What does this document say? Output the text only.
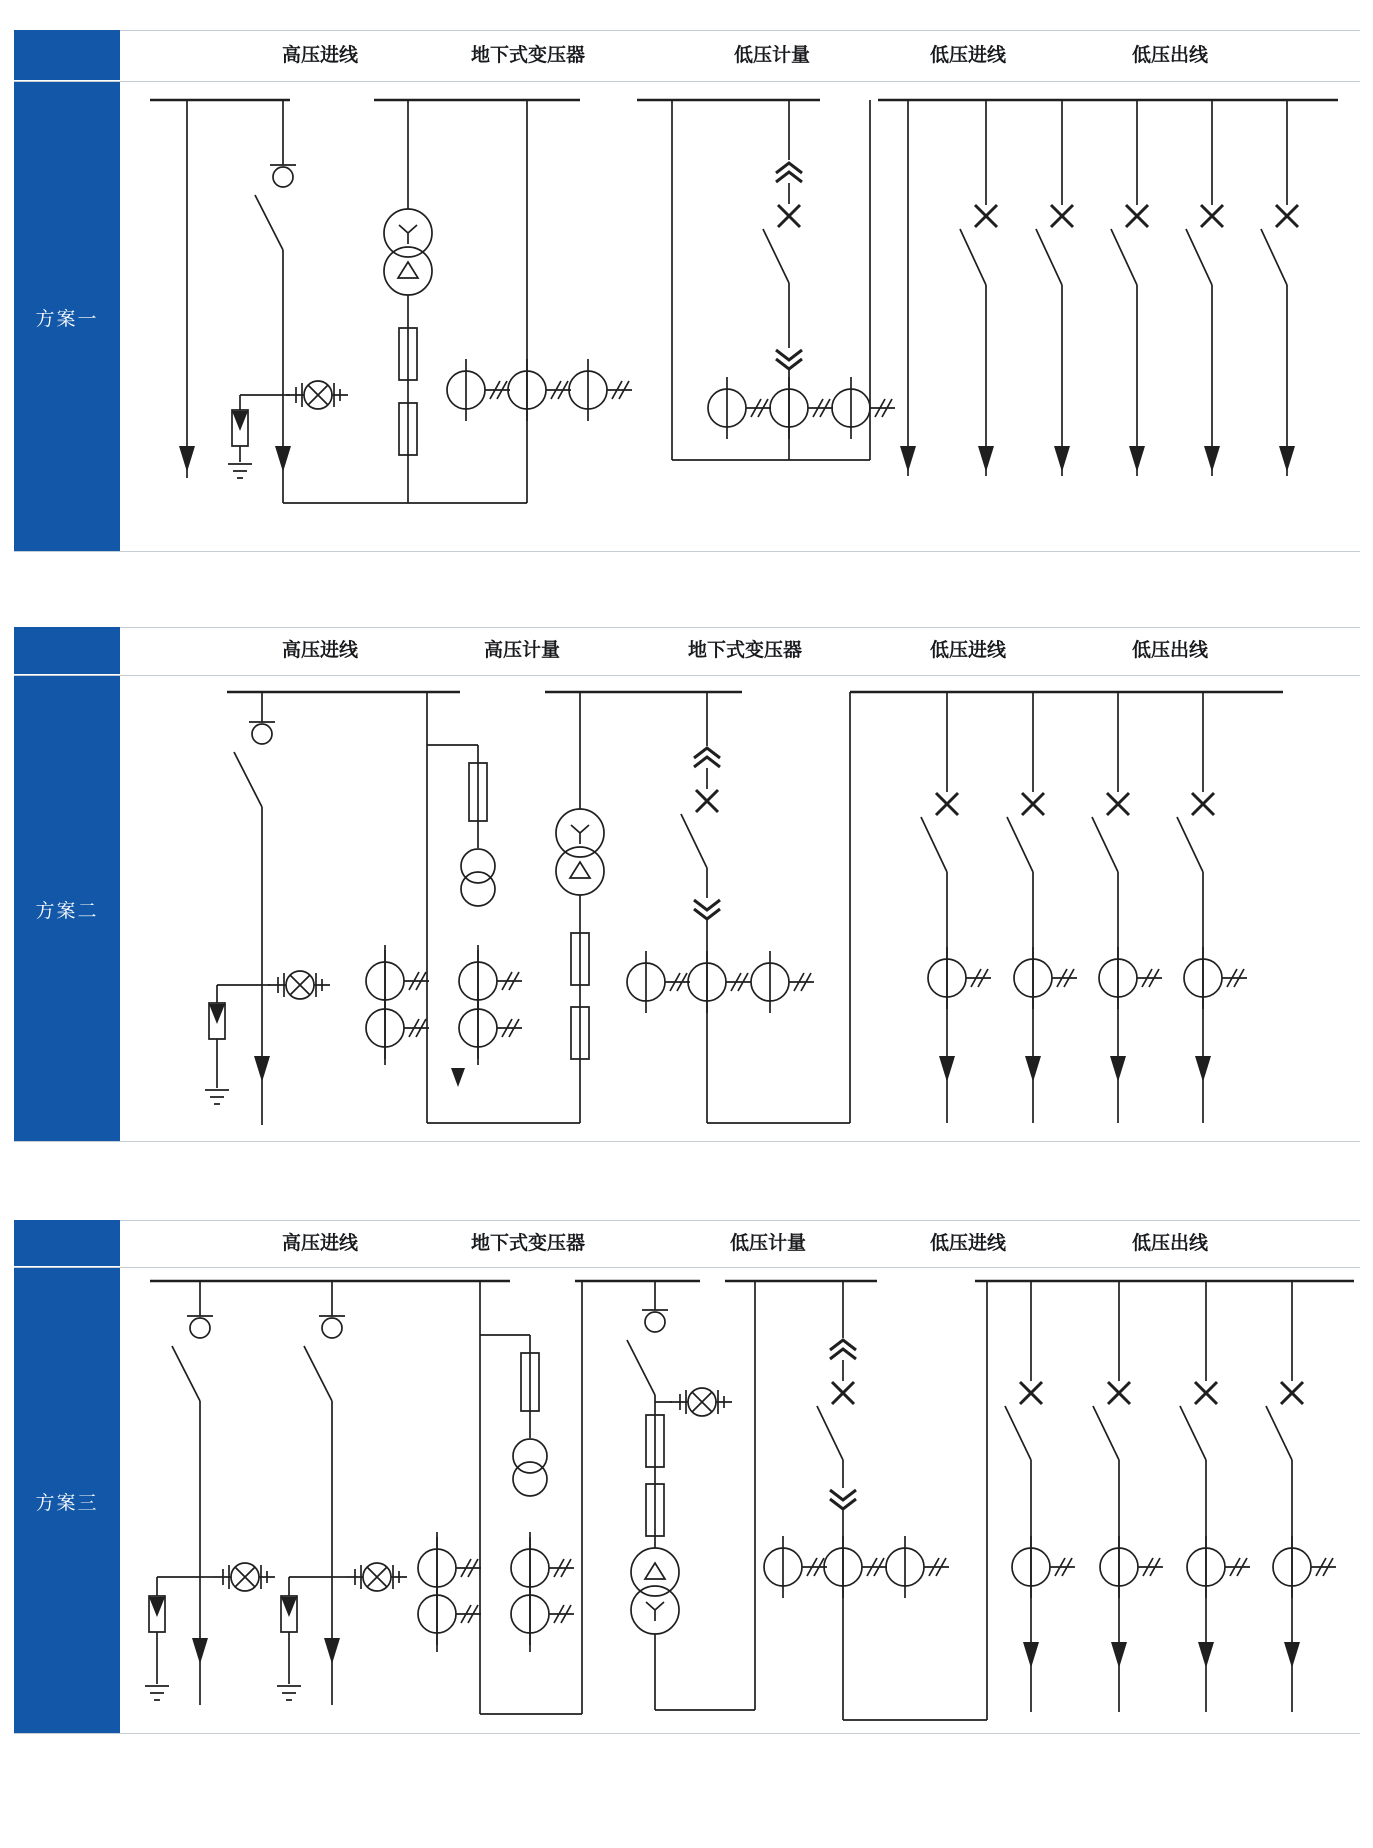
方案一
高压进线	地下式变压器	低压计量	低压进线	低压出线
方案二
高压进线	高压计量	地下式变压器	低压进线	低压出线
方案三
高压进线	地下式变压器	低压计量	低压进线	低压出线
